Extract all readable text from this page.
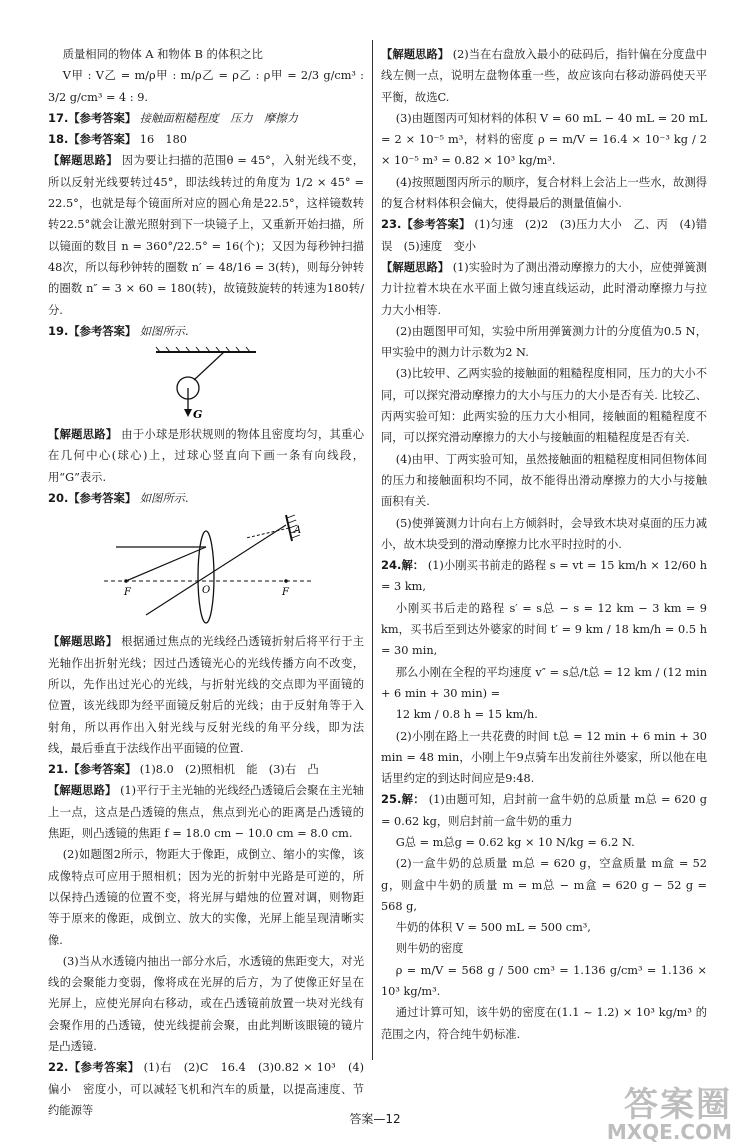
质量相同的物体 A 和物体 B 的体积之比

V甲 : V乙 = m/ρ甲 : m/ρ乙 = ρ乙 : ρ甲 = 2/3 g/cm³ : 3/2 g/cm³ = 4 : 9.

17.【参考答案】 接触面粗糙程度　压力　摩擦力

18.【参考答案】 16　180

【解题思路】 因为要让扫描的范围θ = 45°，入射光线不变，所以反射光线要转过45°，即法线转过的角度为 1/2 × 45° = 22.5°，也就是每个镜面所对应的圆心角是22.5°，这样镜数转转22.5°就会让激光照射到下一块镜子上，又重新开始扫描，所以镜面的数目 n = 360°/22.5° = 16(个)；又因为每秒钟扫描48次，所以每秒钟转的圈数 n′ = 48/16 = 3(转)，则每分钟转的圈数 n″ = 3 × 60 = 180(转)，故镜鼓旋转的转速为180转/分.

19.【参考答案】 如图所示.

G

【解题思路】 由于小球是形状规则的物体且密度均匀，其重心在几何中心(球心)上，过球心竖直向下画一条有向线段，用“G”表示.

20.【参考答案】 如图所示.

A
O
F	F

【解题思路】 根据通过焦点的光线经凸透镜折射后将平行于主光轴作出折射光线；因过凸透镜光心的光线传播方向不改变，所以，先作出过光心的光线，与折射光线的交点即为平面镜的位置，该光线即为经平面镜反射后的光线；由于反射角等于入射角，所以再作出入射光线与反射光线的角平分线，即为法线，最后垂直于法线作出平面镜的位置.

21.【参考答案】 (1)8.0　(2)照相机　能　(3)右　凸

【解题思路】 (1)平行于主光轴的光线经凸透镜后会聚在主光轴上一点，这点是凸透镜的焦点，焦点到光心的距离是凸透镜的焦距，则凸透镜的焦距 f = 18.0 cm − 10.0 cm = 8.0 cm.

(2)如题图2所示，物距大于像距，成倒立、缩小的实像，该成像特点可应用于照相机；因为光的折射中光路是可逆的，所以保持凸透镜的位置不变，将光屏与蜡烛的位置对调，则物距等于原来的像距，成倒立、放大的实像，光屏上能呈现清晰实像.

(3)当从水透镜内抽出一部分水后，水透镜的焦距变大，对光线的会聚能力变弱，像将成在光屏的后方，为了使像正好呈在光屏上，应使光屏向右移动，或在凸透镜前放置一块对光线有会聚作用的凸透镜，使光线提前会聚，由此判断该眼镜的镜片是凸透镜.

22.【参考答案】 (1)右　(2)C　16.4　(3)0.82 × 10³　(4)偏小　密度小，可以减轻飞机和汽车的质量，以提高速度、节约能源等

【解题思路】 (2)当在右盘放入最小的砝码后，指针偏在分度盘中线左侧一点，说明左盘物体重一些，故应该向右移动游码使天平平衡，故选C.

(3)由题图丙可知材料的体积 V = 60 mL − 40 mL = 20 mL = 2 × 10⁻⁵ m³，材料的密度 ρ = m/V = 16.4 × 10⁻³ kg / 2 × 10⁻⁵ m³ = 0.82 × 10³ kg/m³.

(4)按照题图丙所示的顺序，复合材料上会沾上一些水，故测得的复合材料体积会偏大，使得最后的测量值偏小.

23.【参考答案】 (1)匀速　(2)2　(3)压力大小　乙、丙　(4)错误　(5)速度　变小

【解题思路】 (1)实验时为了测出滑动摩擦力的大小，应使弹簧测力计拉着木块在水平面上做匀速直线运动，此时滑动摩擦力与拉力大小相等.

(2)由题图甲可知，实验中所用弹簧测力计的分度值为0.5 N，甲实验中的测力计示数为2 N.

(3)比较甲、乙两实验的接触面的粗糙程度相同，压力的大小不同，可以探究滑动摩擦力的大小与压力的大小是否有关. 比较乙、丙两实验可知：此两实验的压力大小相同，接触面的粗糙程度不同，可以探究滑动摩擦力的大小与接触面的粗糙程度是否有关.

(4)由甲、丁两实验可知，虽然接触面的粗糙程度相同但物体间的压力和接触面积均不同，故不能得出滑动摩擦力的大小与接触面积有关.

(5)使弹簧测力计向右上方倾斜时，会导致木块对桌面的压力减小，故木块受到的滑动摩擦力比水平时拉时的小.

24.解： (1)小刚买书前走的路程 s = vt = 15 km/h × 12/60 h = 3 km,

小刚买书后走的路程 s′ = s总 − s = 12 km − 3 km = 9 km，买书后至到达外婆家的时间 t′ = 9 km / 18 km/h = 0.5 h = 30 min,

那么小刚在全程的平均速度 v″ = s总/t总 = 12 km / (12 min + 6 min + 30 min) =

12 km / 0.8 h = 15 km/h.

(2)小刚在路上一共花费的时间 t总 = 12 min + 6 min + 30 min = 48 min，小刚上午9点骑车出发前往外婆家，所以他在电话里约定的到达时间应是9:48.

25.解： (1)由题可知，启封前一盒牛奶的总质量 m总 = 620 g = 0.62 kg，则启封前一盒牛奶的重力

G总 = m总g = 0.62 kg × 10 N/kg = 6.2 N.

(2)一盒牛奶的总质量 m总 = 620 g，空盒质量 m盒 = 52 g，则盒中牛奶的质量 m = m总 − m盒 = 620 g − 52 g = 568 g,

牛奶的体积 V = 500 mL = 500 cm³,

则牛奶的密度

ρ = m/V = 568 g / 500 cm³ = 1.136 g/cm³ = 1.136 × 10³ kg/m³.

通过计算可知，该牛奶的密度在(1.1 ~ 1.2) × 10³ kg/m³ 的范围之内，符合纯牛奶标准.

答案—12	答案圈
MXQE.COM
